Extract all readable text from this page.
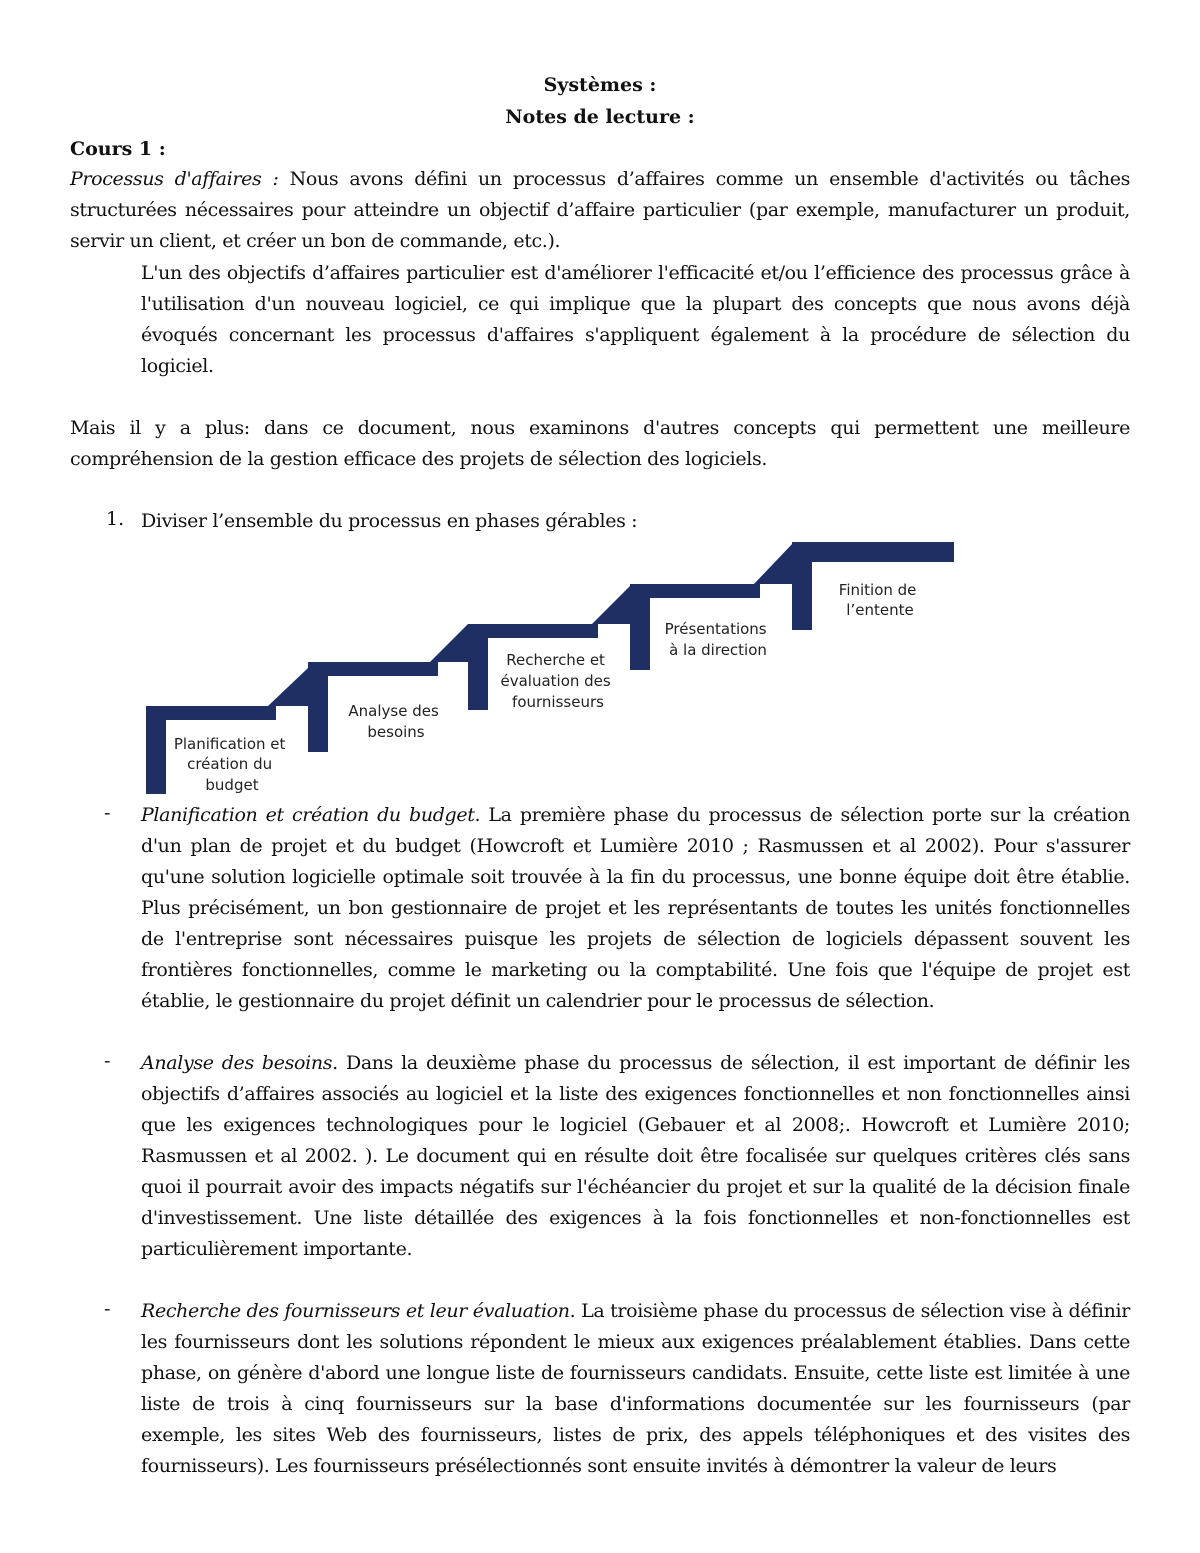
Systèmes :
Notes de lecture :
Cours 1 :

Processus d'affaires : Nous avons défini un processus d’affaires comme un ensemble d'activités ou tâches structurées nécessaires pour atteindre un objectif d’affaire particulier (par exemple, manufacturer un produit, servir un client, et créer un bon de commande, etc.).

L'un des objectifs d’affaires particulier est d'améliorer l'efficacité et/ou l’efficience des processus grâce à l'utilisation d'un nouveau logiciel, ce qui implique que la plupart des concepts que nous avons déjà évoqués concernant les processus d'affaires s'appliquent également à la procédure de sélection du logiciel.

Mais il y a plus: dans ce document, nous examinons d'autres concepts qui permettent une meilleure compréhension de la gestion efficace des projets de sélection des logiciels.

1. Diviser l’ensemble du processus en phases gérables :
Planification et création du budget
Analyse des besoins
Recherche et évaluation des fournisseurs
Présentations à la direction
Finition de l’entente
- Planification et création du budget. La première phase du processus de sélection porte sur la création d'un plan de projet et du budget (Howcroft et Lumière 2010 ; Rasmussen et al 2002). Pour s'assurer qu'une solution logicielle optimale soit trouvée à la fin du processus, une bonne équipe doit être établie. Plus précisément, un bon gestionnaire de projet et les représentants de toutes les unités fonctionnelles de l'entreprise sont nécessaires puisque les projets de sélection de logiciels dépassent souvent les frontières fonctionnelles, comme le marketing ou la comptabilité. Une fois que l'équipe de projet est établie, le gestionnaire du projet définit un calendrier pour le processus de sélection.

- Analyse des besoins. Dans la deuxième phase du processus de sélection, il est important de définir les objectifs d’affaires associés au logiciel et la liste des exigences fonctionnelles et non fonctionnelles ainsi que les exigences technologiques pour le logiciel (Gebauer et al 2008;. Howcroft et Lumière 2010; Rasmussen et al 2002. ). Le document qui en résulte doit être focalisée sur quelques critères clés sans quoi il pourrait avoir des impacts négatifs sur l'échéancier du projet et sur la qualité de la décision finale d'investissement. Une liste détaillée des exigences à la fois fonctionnelles et non-fonctionnelles est particulièrement importante.

- Recherche des fournisseurs et leur évaluation. La troisième phase du processus de sélection vise à définir les fournisseurs dont les solutions répondent le mieux aux exigences préalablement établies. Dans cette phase, on génère d'abord une longue liste de fournisseurs candidats. Ensuite, cette liste est limitée à une liste de trois à cinq fournisseurs sur la base d'informations documentée sur les fournisseurs (par exemple, les sites Web des fournisseurs, listes de prix, des appels téléphoniques et des visites des fournisseurs). Les fournisseurs présélectionnés sont ensuite invités à démontrer la valeur de leurs
